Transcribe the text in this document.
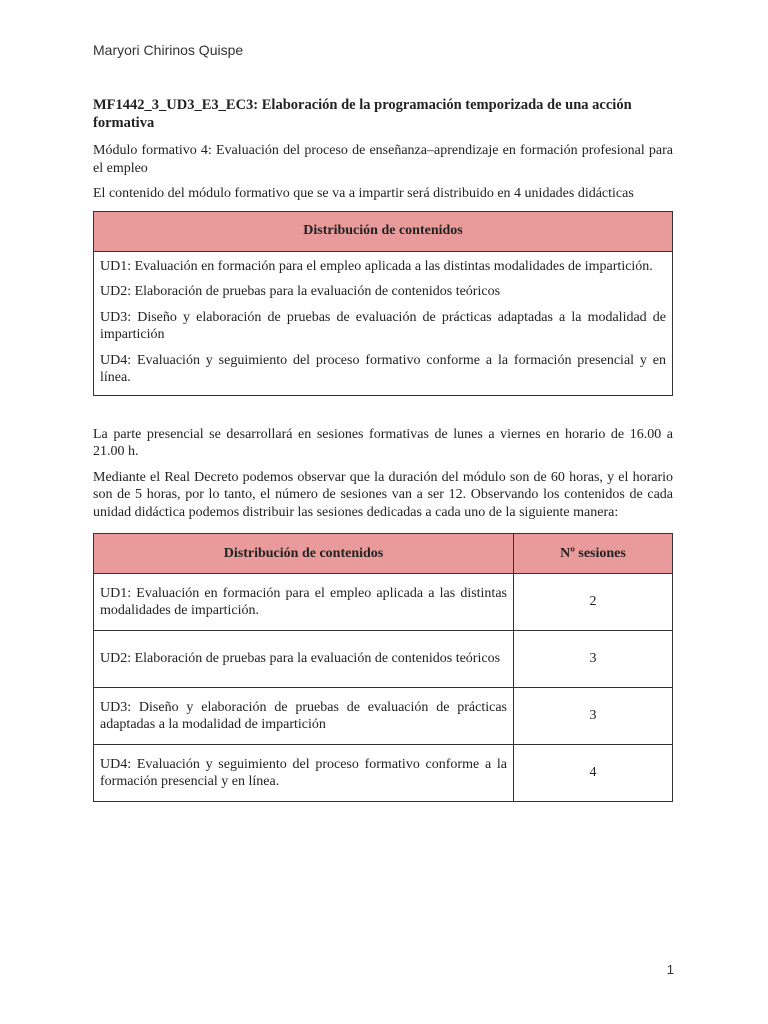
Maryori Chirinos Quispe

MF1442_3_UD3_E3_EC3: Elaboración de la programación temporizada de una acción formativa

Módulo formativo 4: Evaluación del proceso de enseñanza–aprendizaje en formación profesional para el empleo

El contenido del módulo formativo que se va a impartir será distribuido en 4 unidades didácticas

Distribución de contenidos

UD1: Evaluación en formación para el empleo aplicada a las distintas modalidades de impartición.

UD2: Elaboración de pruebas para la evaluación de contenidos teóricos

UD3: Diseño y elaboración de pruebas de evaluación de prácticas adaptadas a la modalidad de impartición

UD4: Evaluación y seguimiento del proceso formativo conforme a la formación presencial y en línea.

La parte presencial se desarrollará en sesiones formativas de lunes a viernes en horario de 16.00 a 21.00 h.

Mediante el Real Decreto podemos observar que la duración del módulo son de 60 horas, y el horario son de 5 horas, por lo tanto, el número de sesiones van a ser 12. Observando los contenidos de cada unidad didáctica podemos distribuir las sesiones dedicadas a cada uno de la siguiente manera:

Distribución de contenidos	Nº sesiones
UD1: Evaluación en formación para el empleo aplicada a las distintas modalidades de impartición.	2
UD2: Elaboración de pruebas para la evaluación de contenidos teóricos	3
UD3: Diseño y elaboración de pruebas de evaluación de prácticas adaptadas a la modalidad de impartición	3
UD4: Evaluación y seguimiento del proceso formativo conforme a la formación presencial y en línea.	4
1
